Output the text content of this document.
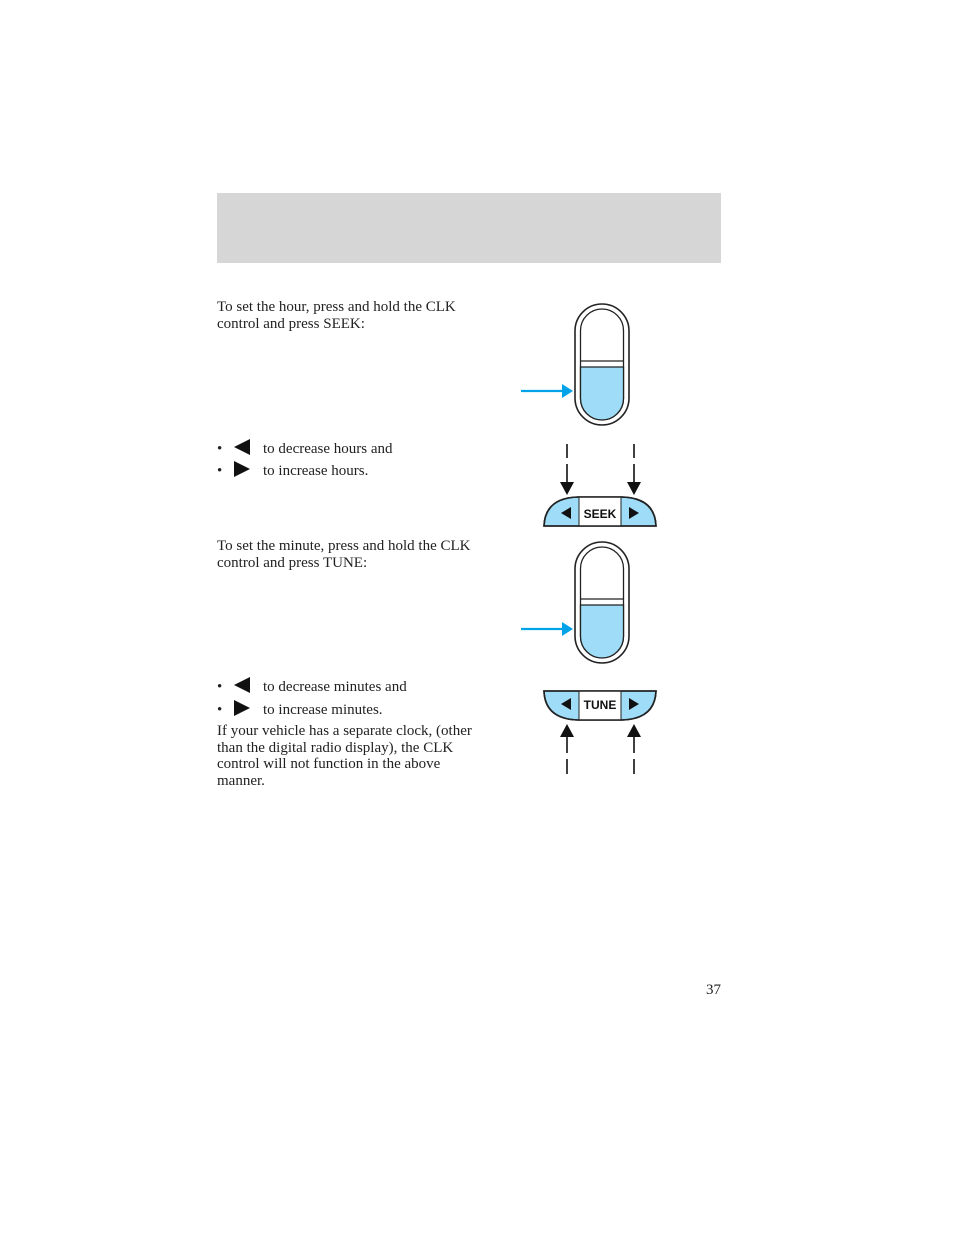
To set the hour, press and hold the CLK control and press SEEK:

•	to decrease hours and
•	to increase hours.

To set the minute, press and hold the CLK control and press TUNE:

•	to decrease minutes and
•	to increase minutes.

If your vehicle has a separate clock, (other than the digital radio display), the CLK control will not function in the above manner.

SEEK
TUNE
37
